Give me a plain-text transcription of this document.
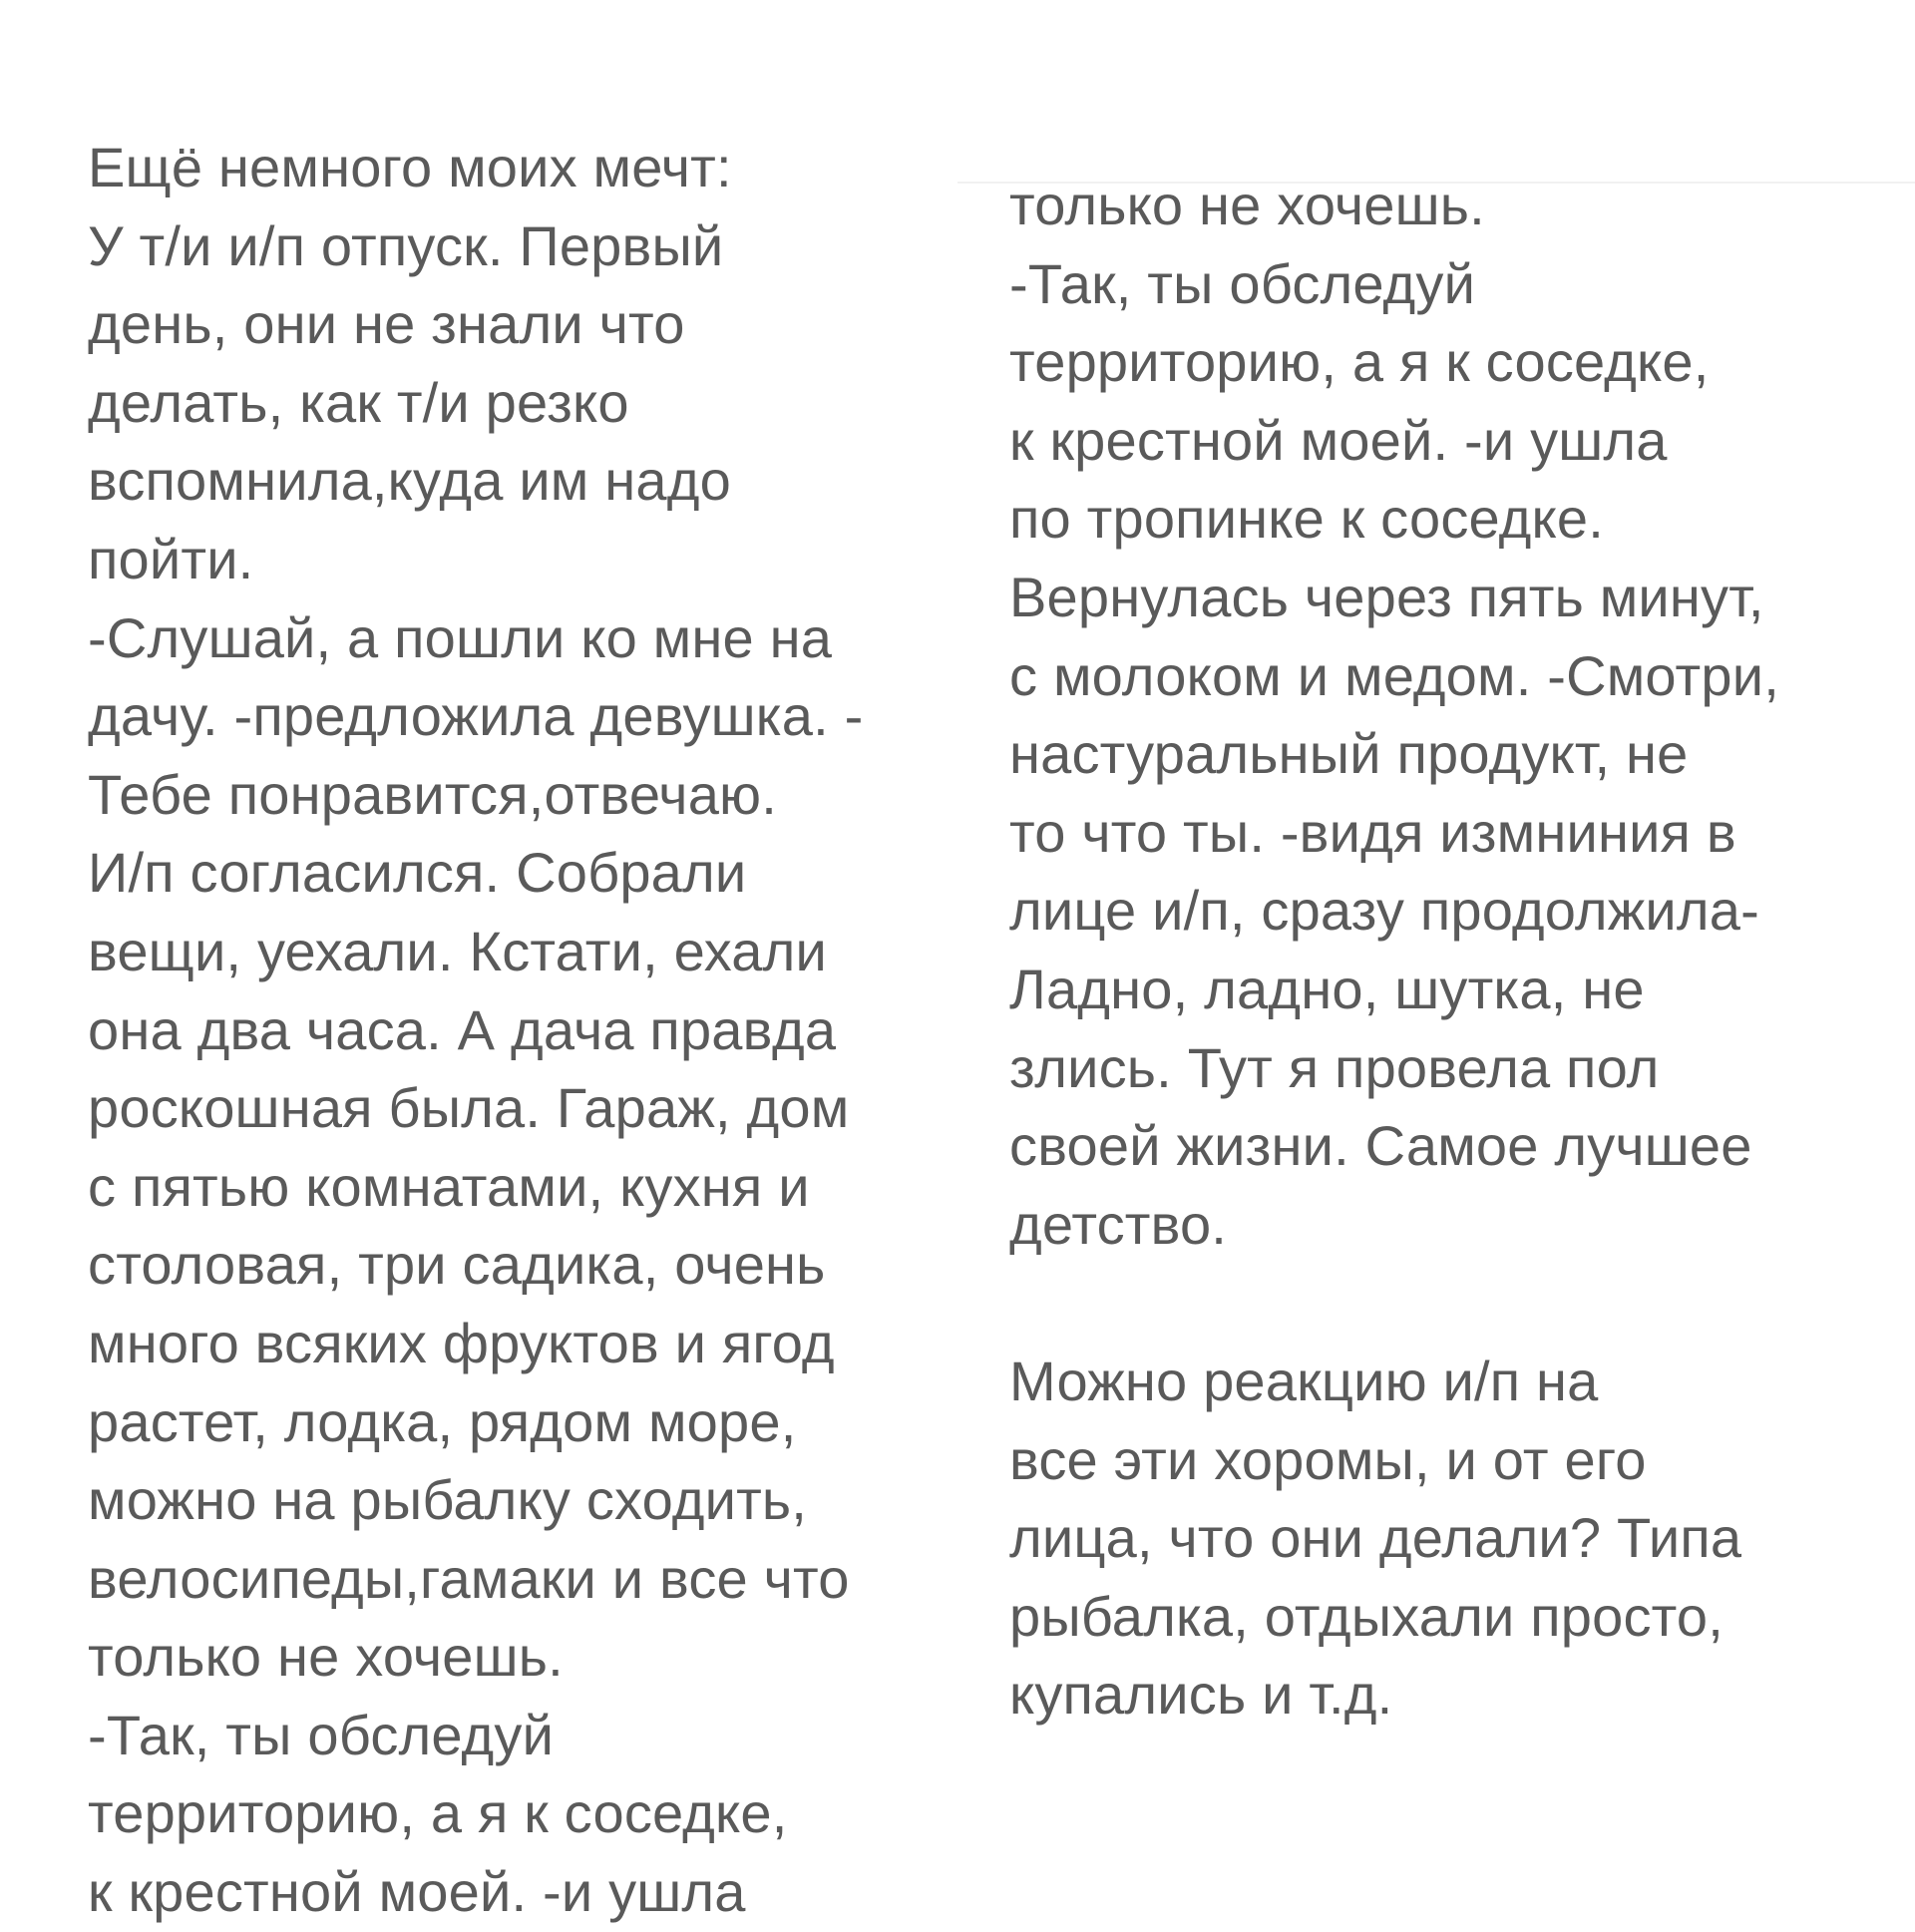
Ещё немного моих мечт:
У т/и и/п отпуск. Первый
день, они не знали что
делать, как т/и резко
вспомнила,куда им надо
пойти.
-Слушай, а пошли ко мне на
дачу. -предложила девушка. -
Тебе понравится,отвечаю.
И/п согласился. Собрали
вещи, уехали. Кстати, ехали
она два часа. А дача правда
роскошная была. Гараж, дом
с пятью комнатами, кухня и
столовая, три садика, очень
много всяких фруктов и ягод
растет, лодка, рядом море,
можно на рыбалку сходить,
велосипеды,гамаки и все что
только не хочешь.
-Так, ты обследуй
территорию, а я к соседке,
к крестной моей. -и ушла
только не хочешь.
-Так, ты обследуй
территорию, а я к соседке,
к крестной моей. -и ушла
по тропинке к соседке.
Вернулась через пять минут,
с молоком и медом. -Смотри,
настуральный продукт, не
то что ты. -видя измниния в
лице и/п, сразу продолжила-
Ладно, ладно, шутка, не
злись. Тут я провела пол
своей жизни. Самое лучшее
детство.
Можно реакцию и/п на
все эти хоромы, и от его
лица, что они делали? Типа
рыбалка, отдыхали просто,
купались и т.д.
